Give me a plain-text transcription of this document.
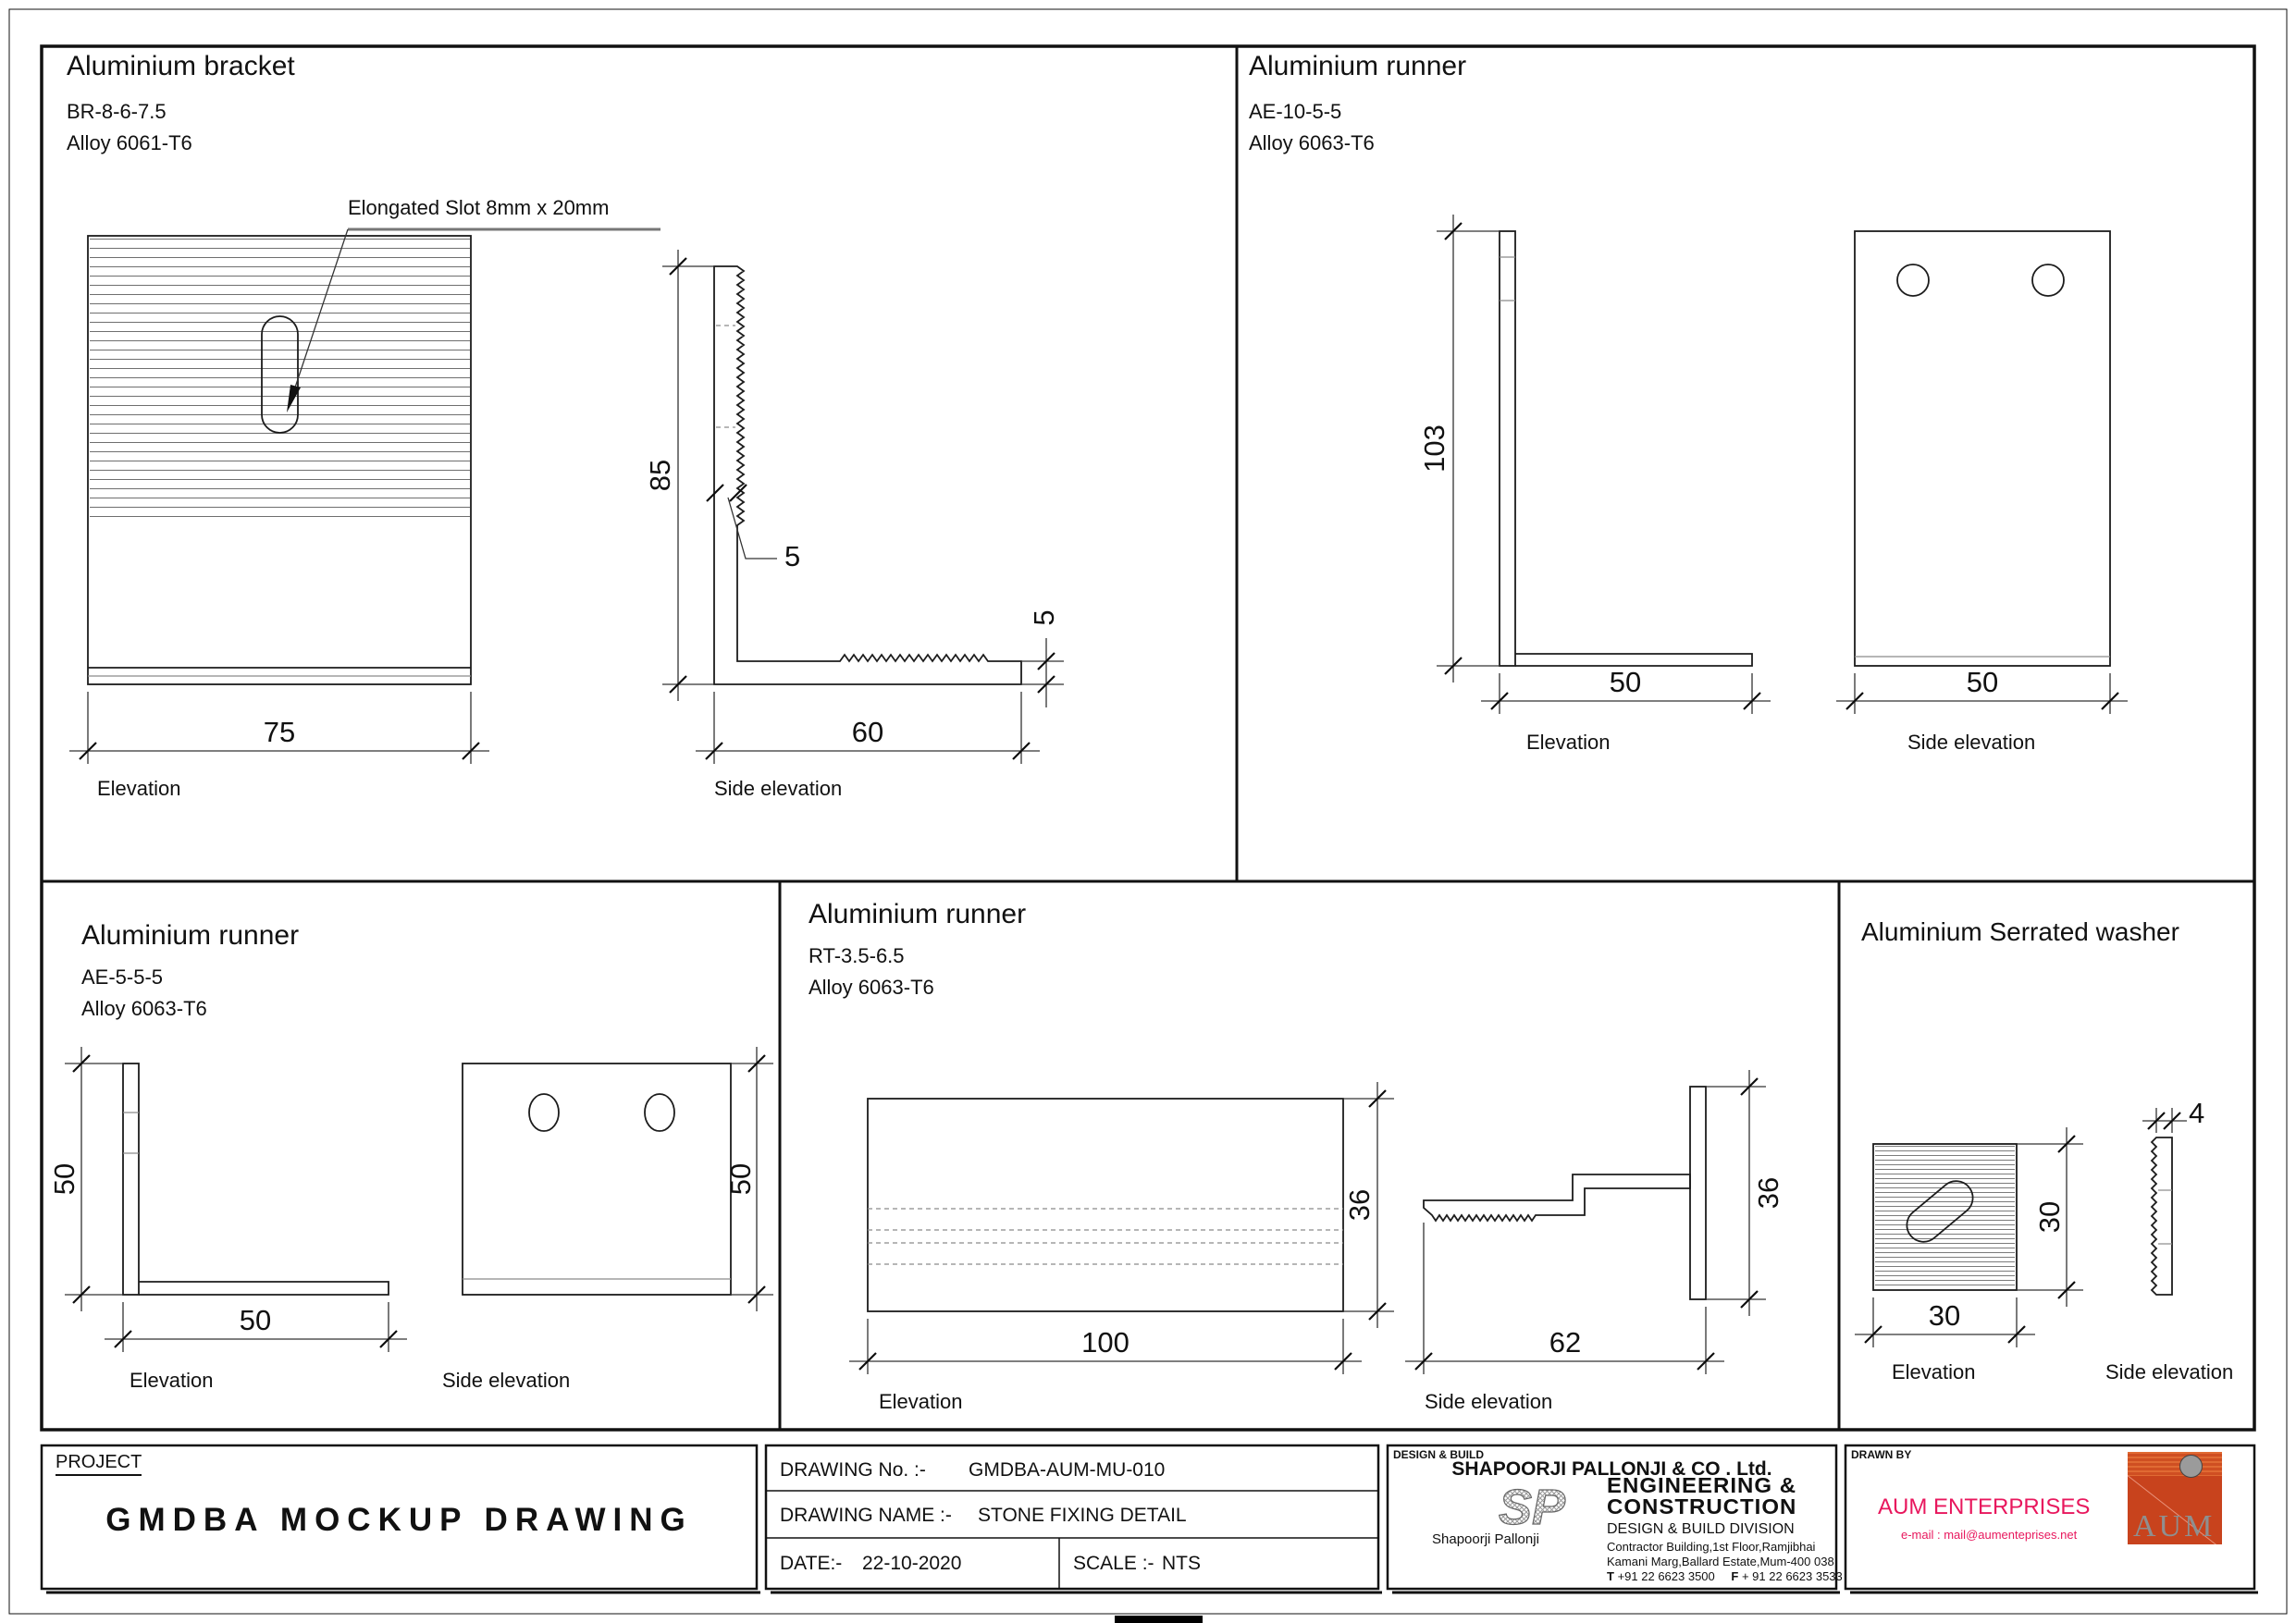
SP
Aluminium bracket
BR-8-6-7.5
Alloy 6061-T6
Elongated Slot 8mm x 20mm
75
85
5
5
60
Elevation	Side elevation
Aluminium runner
AE-10-5-5
Alloy 6063-T6
103
50	50
Elevation	Side elevation
Aluminium runner
AE-5-5-5
Alloy 6063-T6
50
50
50
Elevation	Side elevation
Aluminium runner
RT-3.5-6.5
Alloy 6063-T6
36
100
36
62
Elevation	Side elevation
Aluminium Serrated washer
30
30
4
Elevation	Side elevation
PROJECT
GMDBA MOCKUP DRAWING
DRAWING No. :- GMDBA-AUM-MU-010
DRAWING NAME :- STONE FIXING DETAIL
DATE:- 22-10-2020	SCALE :- NTS
DESIGN & BUILD
SHAPOORJI PALLONJI & CO . Ltd.
Shapoorji Pallonji
ENGINEERING &
CONSTRUCTION
DESIGN & BUILD DIVISION
Contractor Building,1st Floor,Ramjibhai
Kamani Marg,Ballard Estate,Mum-400 038
T +91 22 6623 3500 F + 91 22 6623 3533
DRAWN BY
AUM ENTERPRISES
e-mail : mail@aumenteprises.net AUM
